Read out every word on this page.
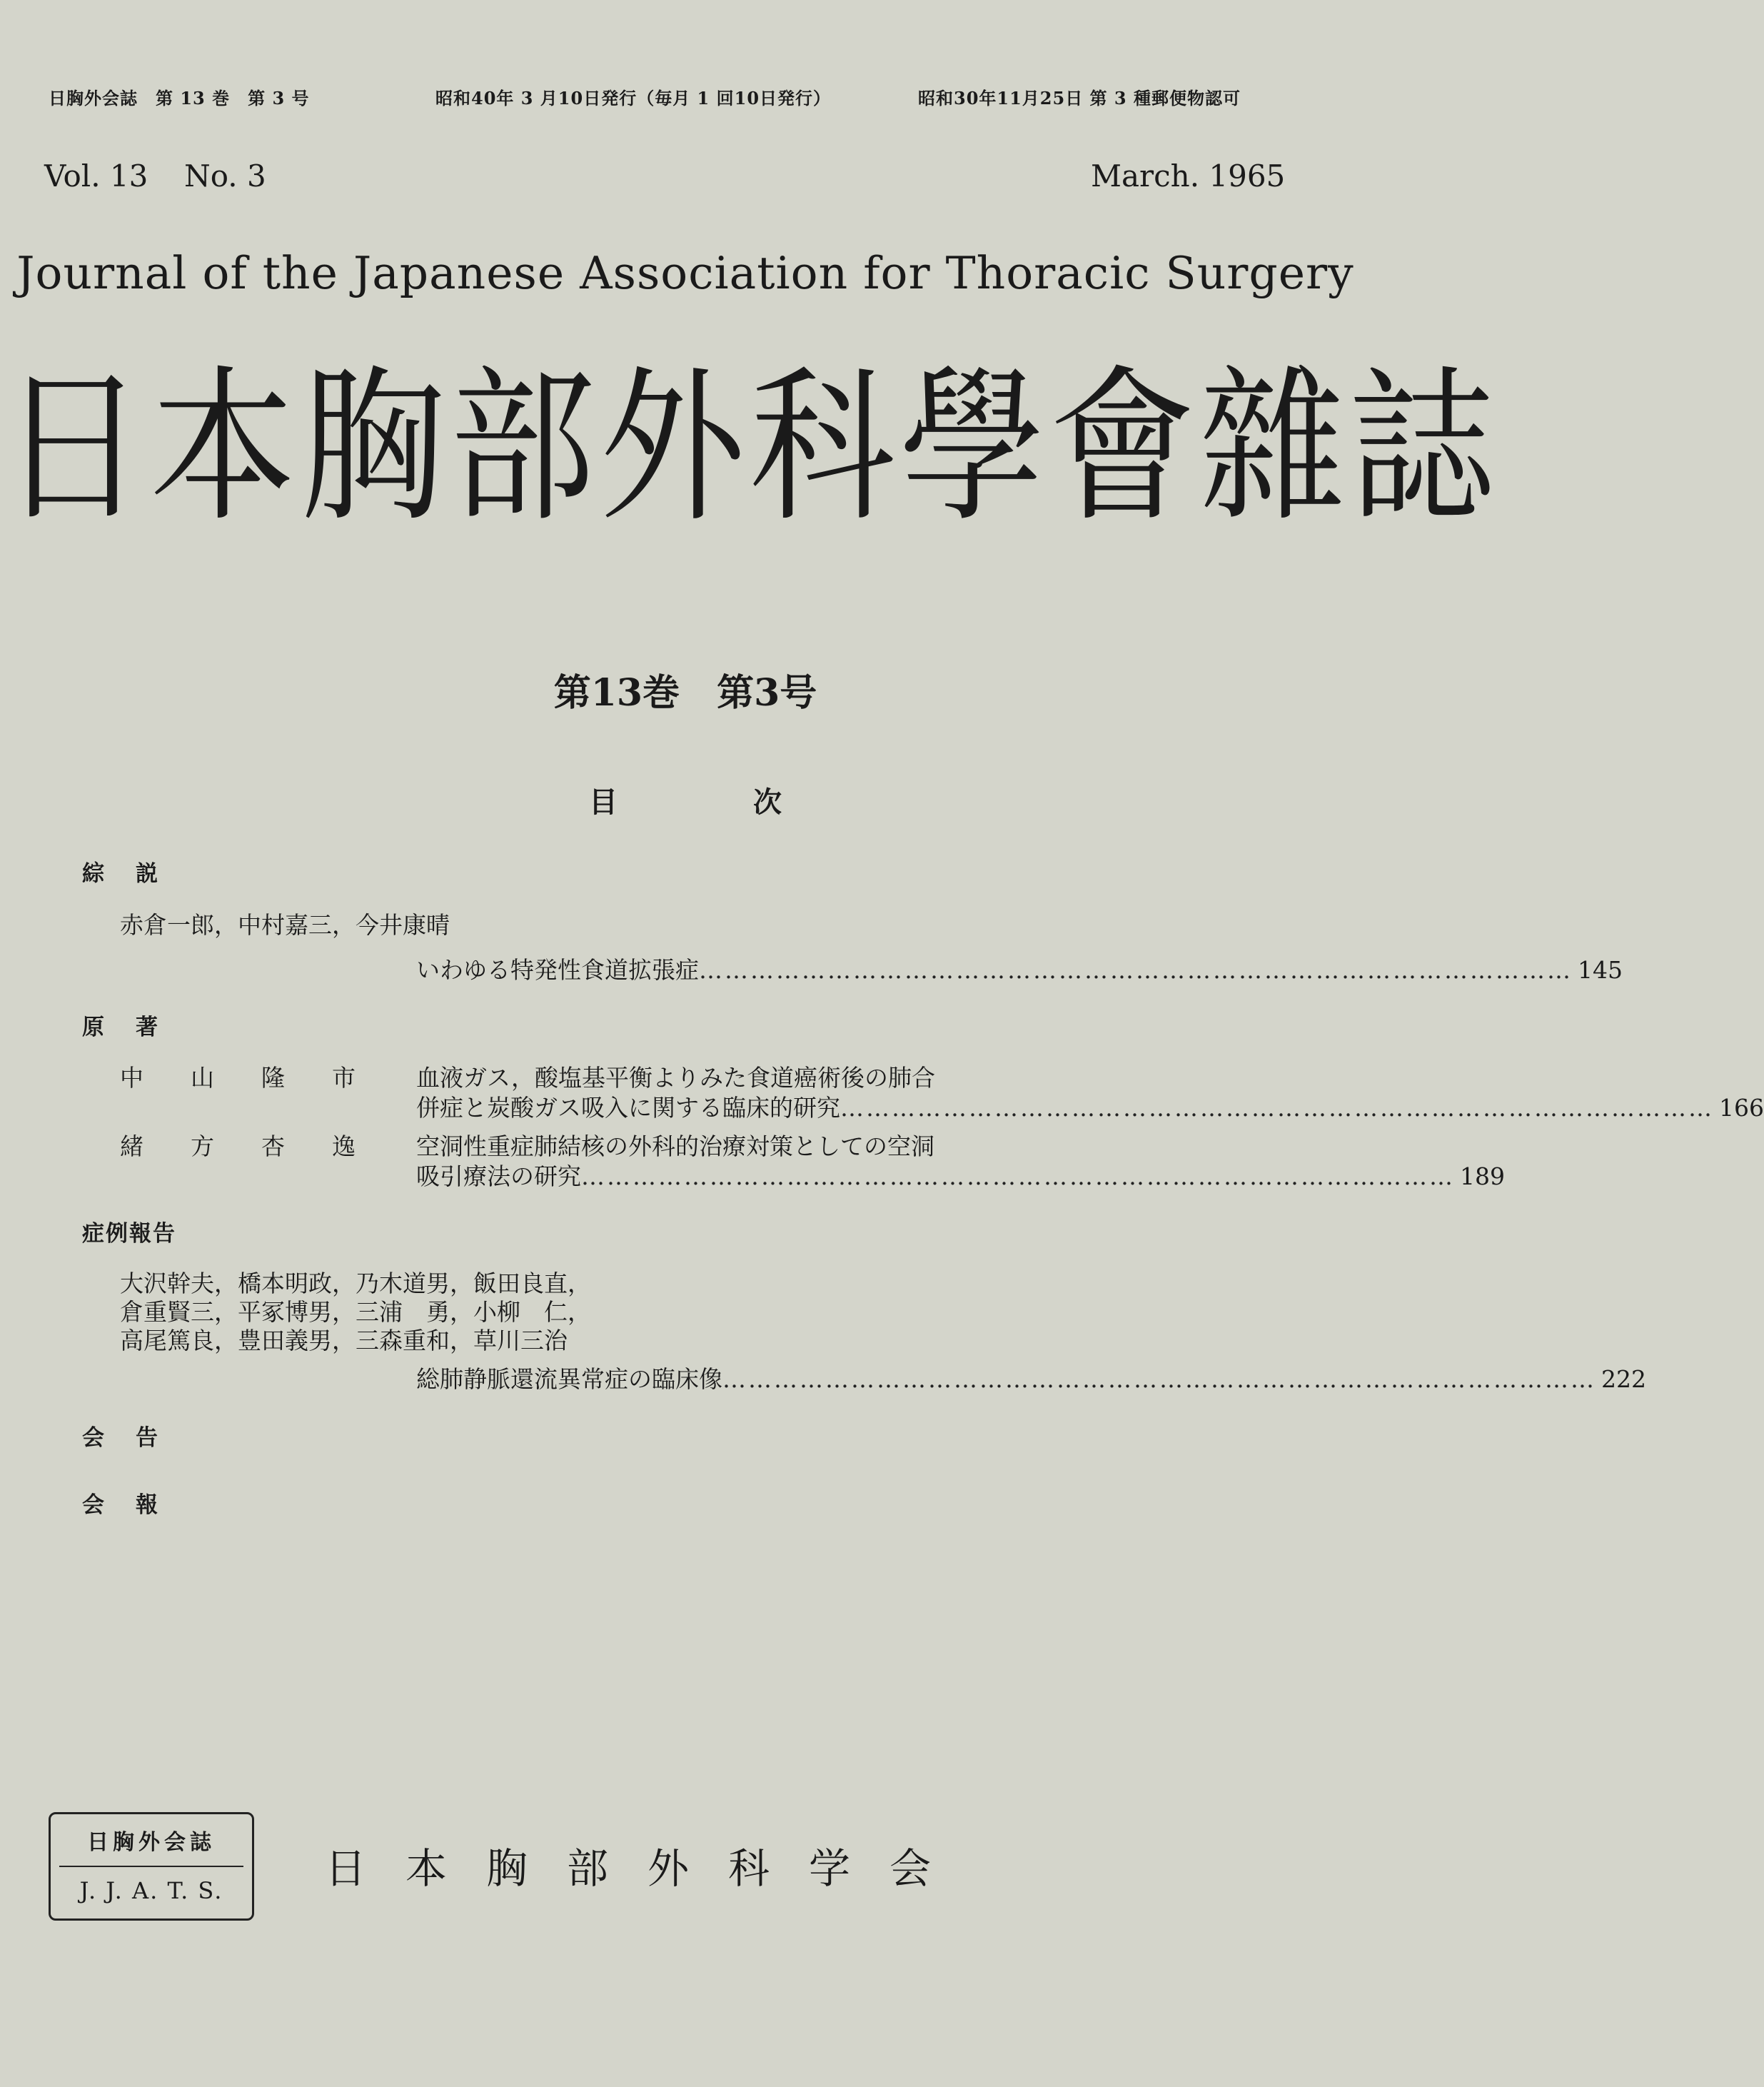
日胸外会誌　第 13 巻　第 3 号	昭和40年 3 月10日発行（毎月 1 回10日発行）	昭和30年11月25日 第 3 種郵便物認可
Vol. 13 No. 3	March. 1965
Journal of the Japanese Association for Thoracic Surgery
日本胸部外科學會雜誌
第13巻　第3号
目次
綜説
赤倉一郎，中村嘉三，今井康晴
いわゆる特発性食道拡張症 ………………………………………………………………………………………… 145
原著
中山隆市 血液ガス，酸塩基平衡よりみた食道癌術後の肺合
併症と炭酸ガス吸入に関する臨床的研究 ………………………………………………………………………………………… 166
緒方杏逸 空洞性重症肺結核の外科的治療対策としての空洞
吸引療法の研究 ………………………………………………………………………………………… 189
症例報告
大沢幹夫，橋本明政，乃木道男，飯田良直，
倉重賢三，平冢博男，三浦　勇，小柳　仁，
高尾篤良，豊田義男，三森重和，草川三治
総肺静脈還流異常症の臨床像 ………………………………………………………………………………………… 222
会告
会報
日胸外会誌
J. J. A. T. S.	日本胸部外科学会
